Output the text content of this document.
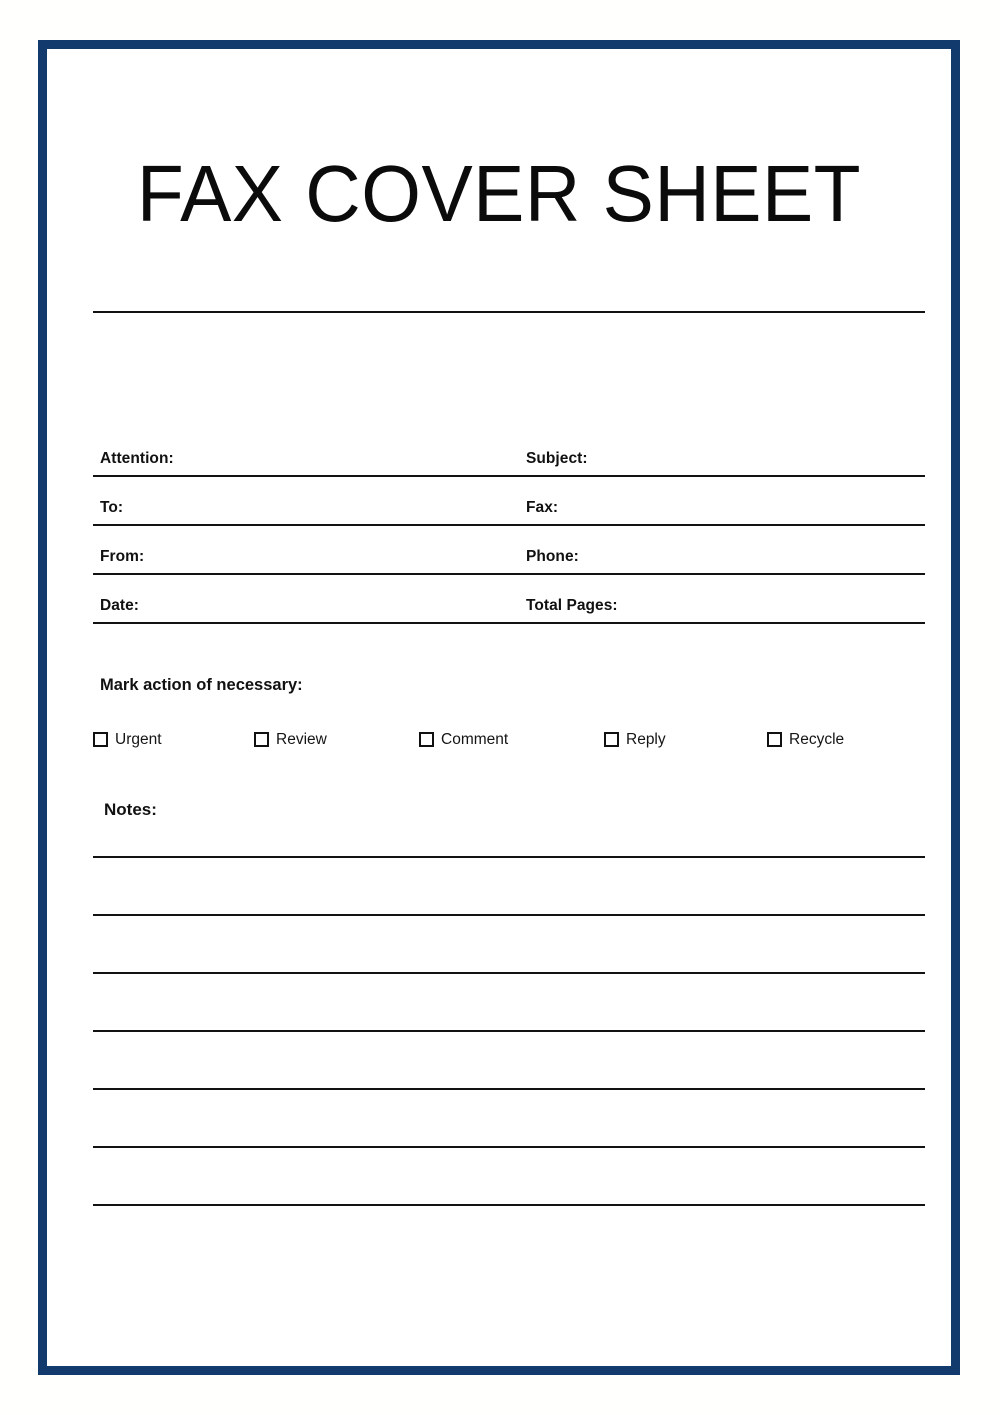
FAX COVER SHEET
Attention:	Subject:
To:	Fax:
From:	Phone:
Date:	Total Pages:
Mark action of necessary:
Urgent	Review	Comment	Reply	Recycle
Notes:
